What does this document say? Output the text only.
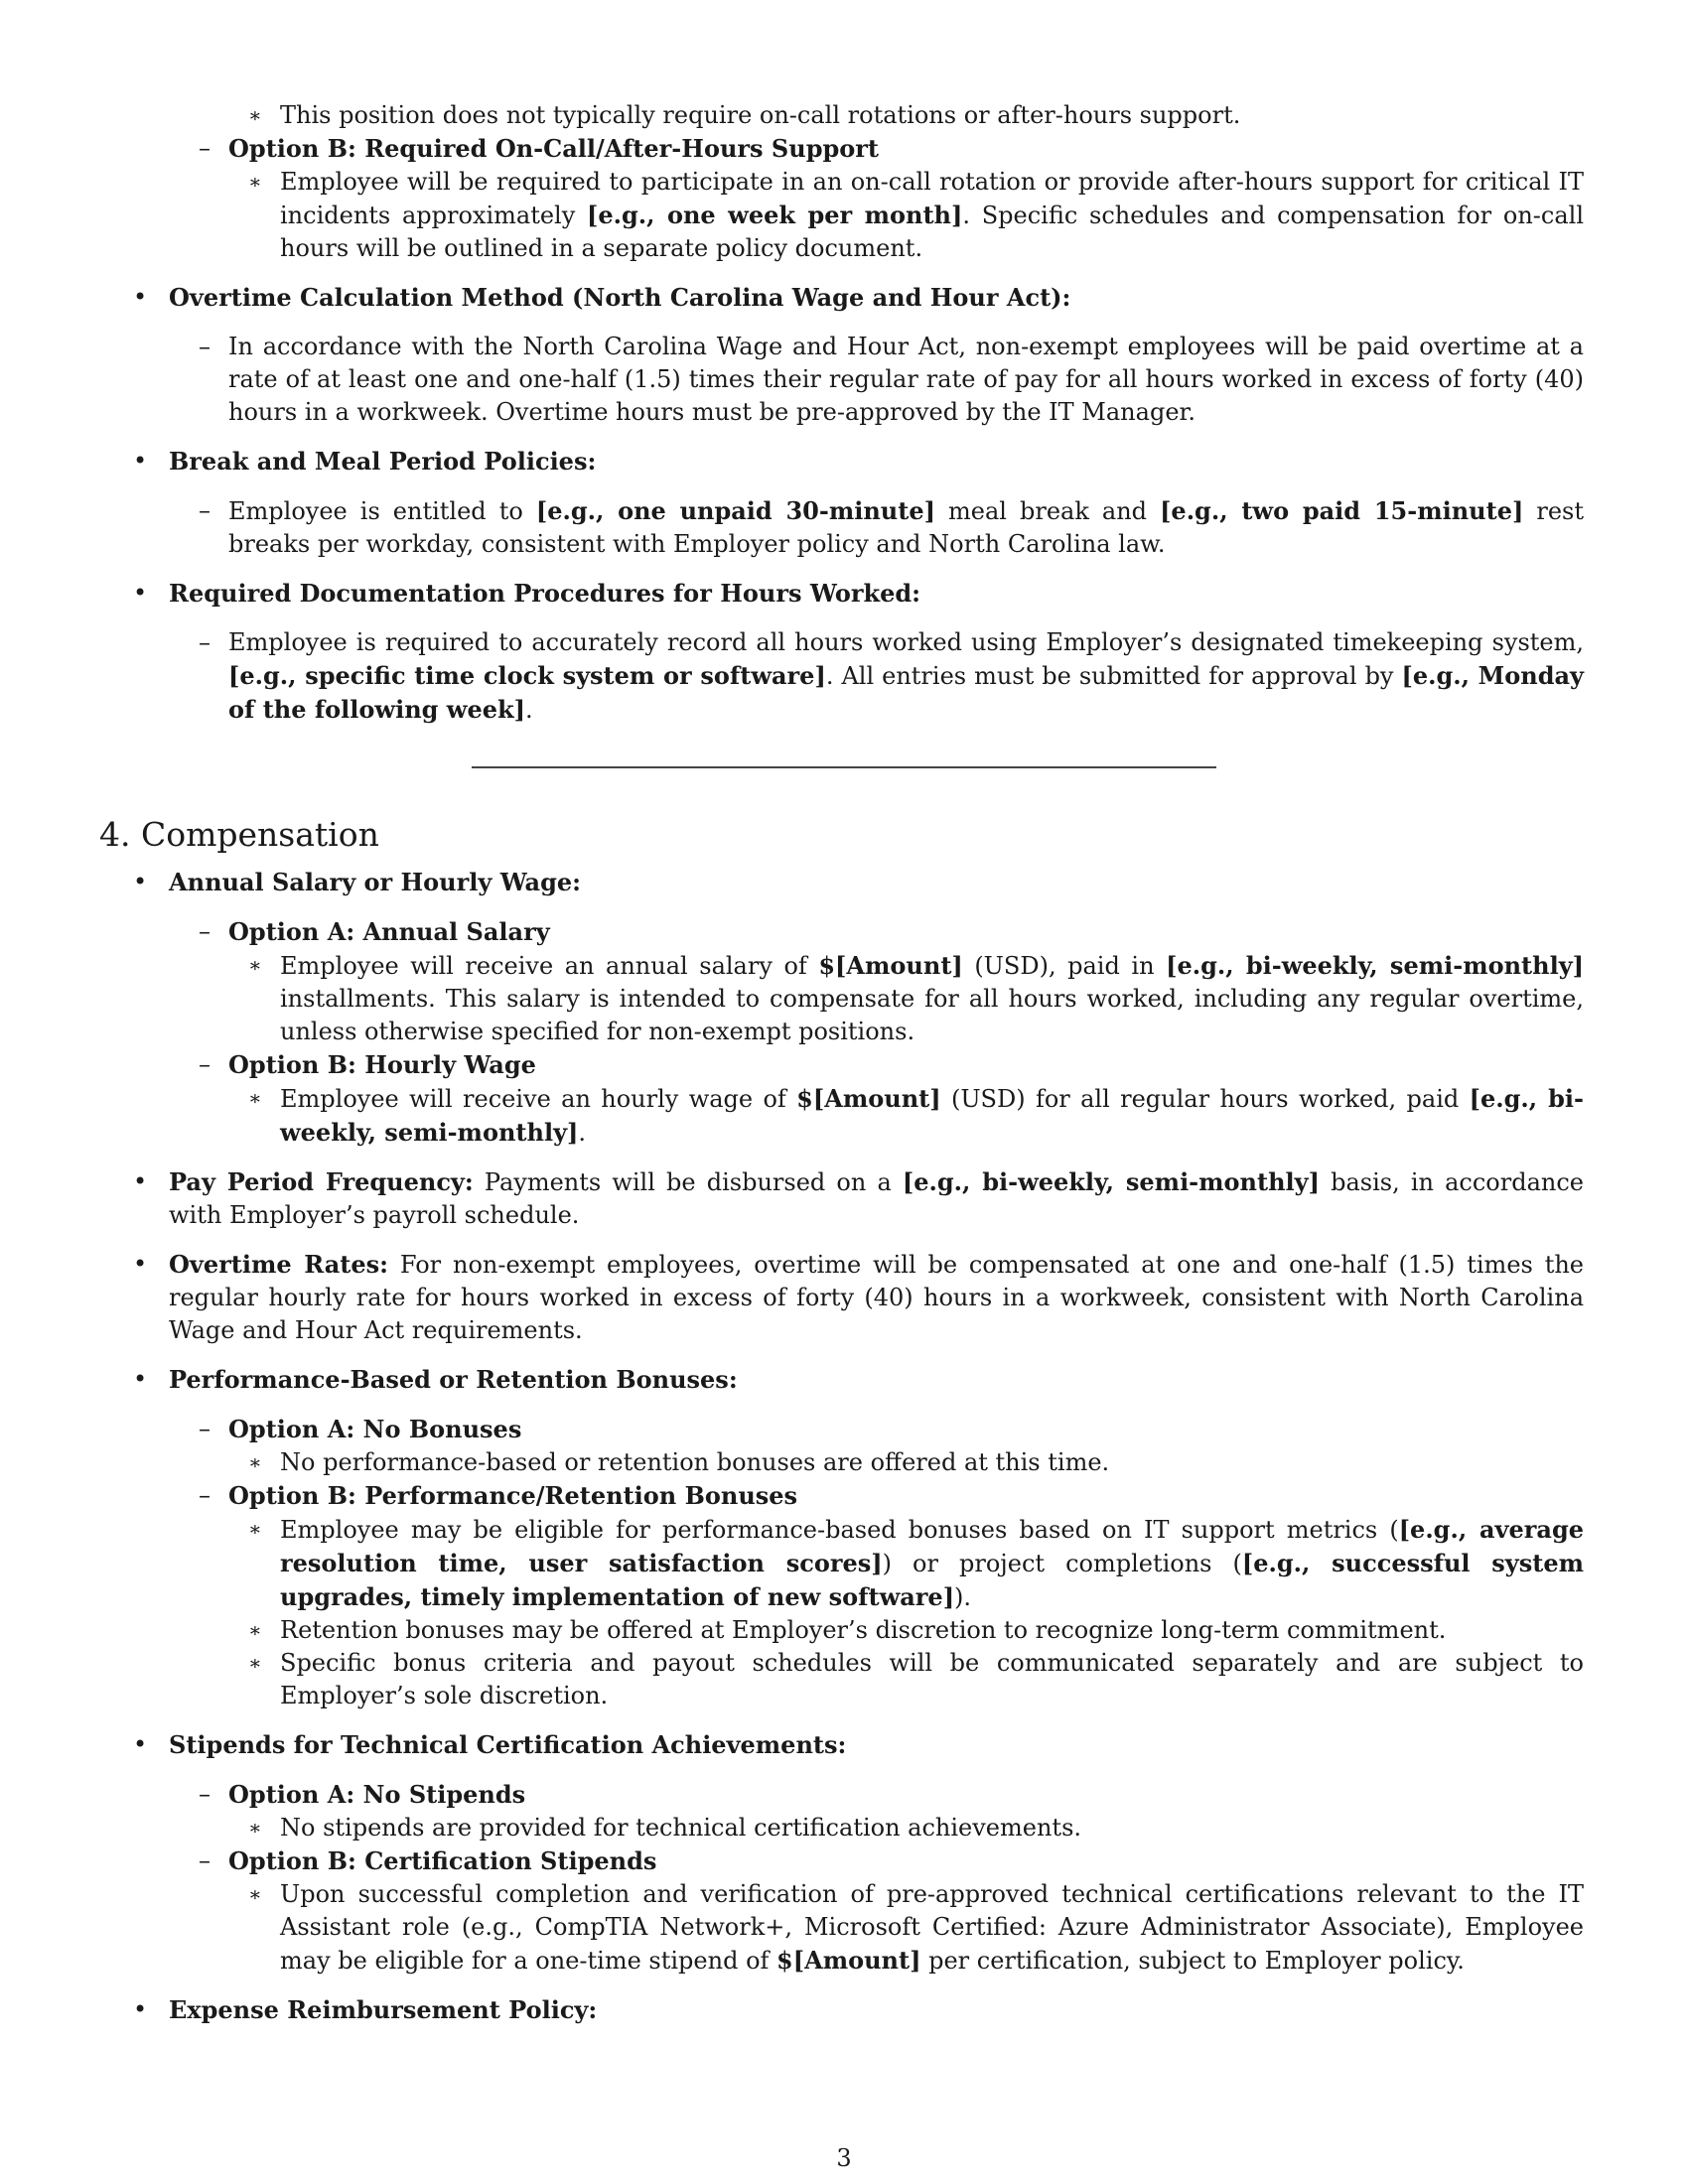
∗ This position does not typically require on-call rotations or after-hours support.
– Option B: Required On-Call/After-Hours Support
∗ Employee will be required to participate in an on-call rotation or provide after-hours support for critical IT incidents approximately [e.g., one week per month]. Specific schedules and compensation for on-call hours will be outlined in a separate policy document.
• Overtime Calculation Method (North Carolina Wage and Hour Act):
– In accordance with the North Carolina Wage and Hour Act, non-exempt employees will be paid overtime at a rate of at least one and one-half (1.5) times their regular rate of pay for all hours worked in excess of forty (40) hours in a workweek. Overtime hours must be pre-approved by the IT Manager.
• Break and Meal Period Policies:
– Employee is entitled to [e.g., one unpaid 30-minute] meal break and [e.g., two paid 15-minute] rest breaks per workday, consistent with Employer policy and North Carolina law.
• Required Documentation Procedures for Hours Worked:
– Employee is required to accurately record all hours worked using Employer’s designated timekeeping system, [e.g., specific time clock system or software]. All entries must be submitted for approval by [e.g., Monday of the following week].
4. Compensation
• Annual Salary or Hourly Wage:
– Option A: Annual Salary
∗ Employee will receive an annual salary of $[Amount] (USD), paid in [e.g., bi-weekly, semi-monthly] installments. This salary is intended to compensate for all hours worked, including any regular overtime, unless otherwise specified for non-exempt positions.
– Option B: Hourly Wage
∗ Employee will receive an hourly wage of $[Amount] (USD) for all regular hours worked, paid [e.g., bi-weekly, semi-monthly].
• Pay Period Frequency: Payments will be disbursed on a [e.g., bi-weekly, semi-monthly] basis, in accordance with Employer’s payroll schedule.
• Overtime Rates: For non-exempt employees, overtime will be compensated at one and one-half (1.5) times the regular hourly rate for hours worked in excess of forty (40) hours in a workweek, consistent with North Carolina Wage and Hour Act requirements.
• Performance-Based or Retention Bonuses:
– Option A: No Bonuses
∗ No performance-based or retention bonuses are offered at this time.
– Option B: Performance/Retention Bonuses
∗ Employee may be eligible for performance-based bonuses based on IT support metrics ([e.g., average resolution time, user satisfaction scores]) or project completions ([e.g., successful system upgrades, timely implementation of new software]).
∗ Retention bonuses may be offered at Employer’s discretion to recognize long-term commitment.
∗ Specific bonus criteria and payout schedules will be communicated separately and are subject to Employer’s sole discretion.
• Stipends for Technical Certification Achievements:
– Option A: No Stipends
∗ No stipends are provided for technical certification achievements.
– Option B: Certification Stipends
∗ Upon successful completion and verification of pre-approved technical certifications relevant to the IT Assistant role (e.g., CompTIA Network+, Microsoft Certified: Azure Administrator Associate), Employee may be eligible for a one-time stipend of $[Amount] per certification, subject to Employer policy.
• Expense Reimbursement Policy:
3
